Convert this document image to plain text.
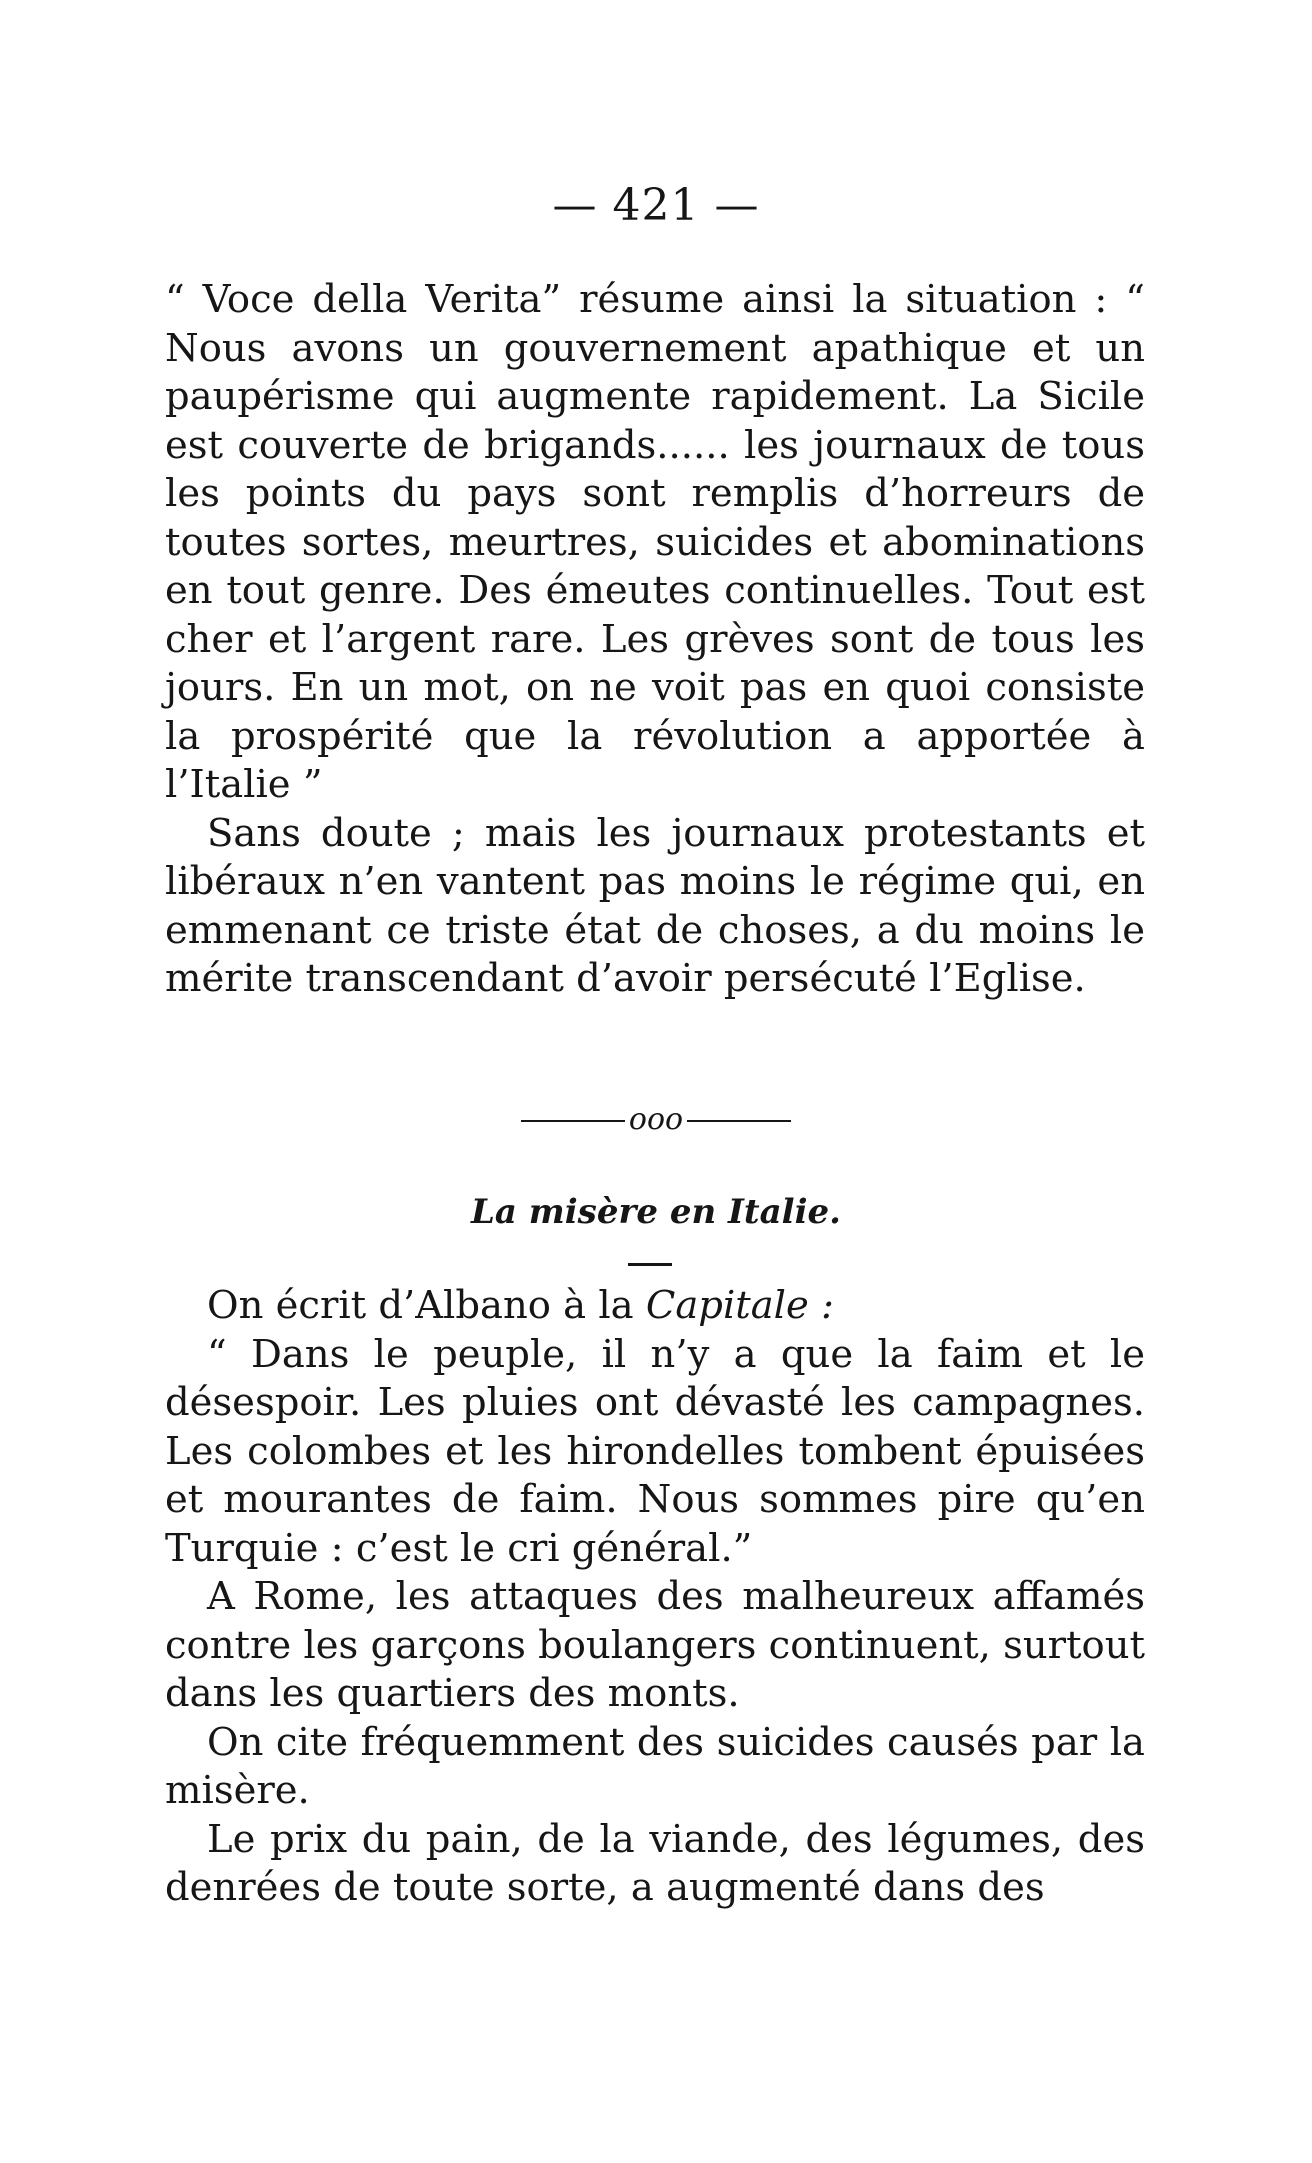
— 421 —

“ Voce della Verita” résume ainsi la situation : “ Nous avons un gouvernement apathique et un paupérisme qui augmente rapidement. La Sicile est couverte de brigands...... les journaux de tous les points du pays sont remplis d’horreurs de toutes sortes, meurtres, suicides et abominations en tout genre. Des émeutes continuelles. Tout est cher et l’argent rare. Les grèves sont de tous les jours. En un mot, on ne voit pas en quoi consiste la prospérité que la révolution a apportée à l’Italie ”

Sans doute ; mais les journaux protestants et libéraux n’en vantent pas moins le régime qui, en emmenant ce triste état de choses, a du moins le mérite transcendant d’avoir persécuté l’Eglise.

ooo
La misère en Italie.

On écrit d’Albano à la Capitale :

“ Dans le peuple, il n’y a que la faim et le désespoir. Les pluies ont dévasté les campagnes. Les colombes et les hirondelles tombent épuisées et mourantes de faim. Nous sommes pire qu’en Turquie : c’est le cri général.”

A Rome, les attaques des malheureux affamés contre les garçons boulangers continuent, surtout dans les quartiers des monts.

On cite fréquemment des suicides causés par la misère.

Le prix du pain, de la viande, des légumes, des denrées de toute sorte, a augmenté dans des
